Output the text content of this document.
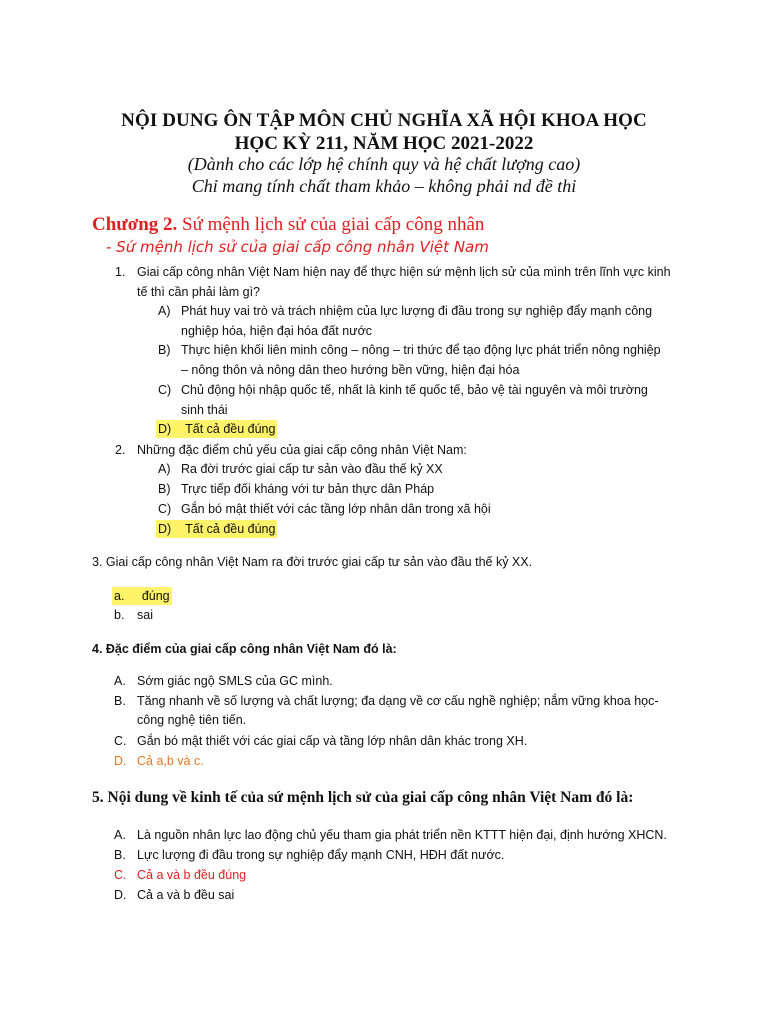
NỘI DUNG ÔN TẬP MÔN CHỦ NGHĨA XÃ HỘI KHOA HỌC
HỌC KỲ 211, NĂM HỌC 2021-2022
(Dành cho các lớp hệ chính quy và hệ chất lượng cao)
Chỉ mang tính chất tham khảo – không phải nd đề thi
Chương 2. Sứ mệnh lịch sử của giai cấp công nhân
- Sứ mệnh lịch sử của giai cấp công nhân Việt Nam
1. Giai cấp công nhân Việt Nam hiện nay để thực hiện sứ mệnh lịch sử của mình trên lĩnh vực kinh
tế thì cần phải làm gì?
A) Phát huy vai trò và trách nhiệm của lực lượng đi đầu trong sự nghiệp đẩy mạnh công
nghiệp hóa, hiện đại hóa đất nước
B) Thực hiện khối liên minh công – nông – tri thức để tạo động lực phát triển nông nghiệp
– nông thôn và nông dân theo hướng bền vững, hiện đại hóa
C) Chủ động hội nhập quốc tế, nhất là kinh tế quốc tế, bảo vệ tài nguyên và môi trường
sinh thái
D) Tất cả đều đúng
2. Những đặc điểm chủ yếu của giai cấp công nhân Việt Nam:
A) Ra đời trước giai cấp tư sản vào đầu thế kỷ XX
B) Trực tiếp đối kháng với tư bản thực dân Pháp
C) Gắn bó mật thiết với các tầng lớp nhân dân trong xã hội
D) Tất cả đều đúng
3. Giai cấp công nhân Việt Nam ra đời trước giai cấp tư sản vào đầu thế kỷ XX.
a. đúng
b. sai
4. Đặc điểm của giai cấp công nhân Việt Nam đó là:
A. Sớm giác ngộ SMLS của GC mình.
B. Tăng nhanh về số lượng và chất lượng; đa dạng về cơ cấu nghề nghiệp; nắm vững khoa học-
công nghệ tiên tiến.
C. Gắn bó mật thiết với các giai cấp và tầng lớp nhân dân khác trong XH.
D. Cả a,b và c.
5. Nội dung về kinh tế của sứ mệnh lịch sử của giai cấp công nhân Việt Nam đó là:
A. Là nguồn nhân lực lao động chủ yếu tham gia phát triển nền KTTT hiện đại, định hướng XHCN.
B. Lực lượng đi đầu trong sự nghiệp đẩy mạnh CNH, HĐH đất nước.
C. Cả a và b đều đúng
D. Cả a và b đều sai
